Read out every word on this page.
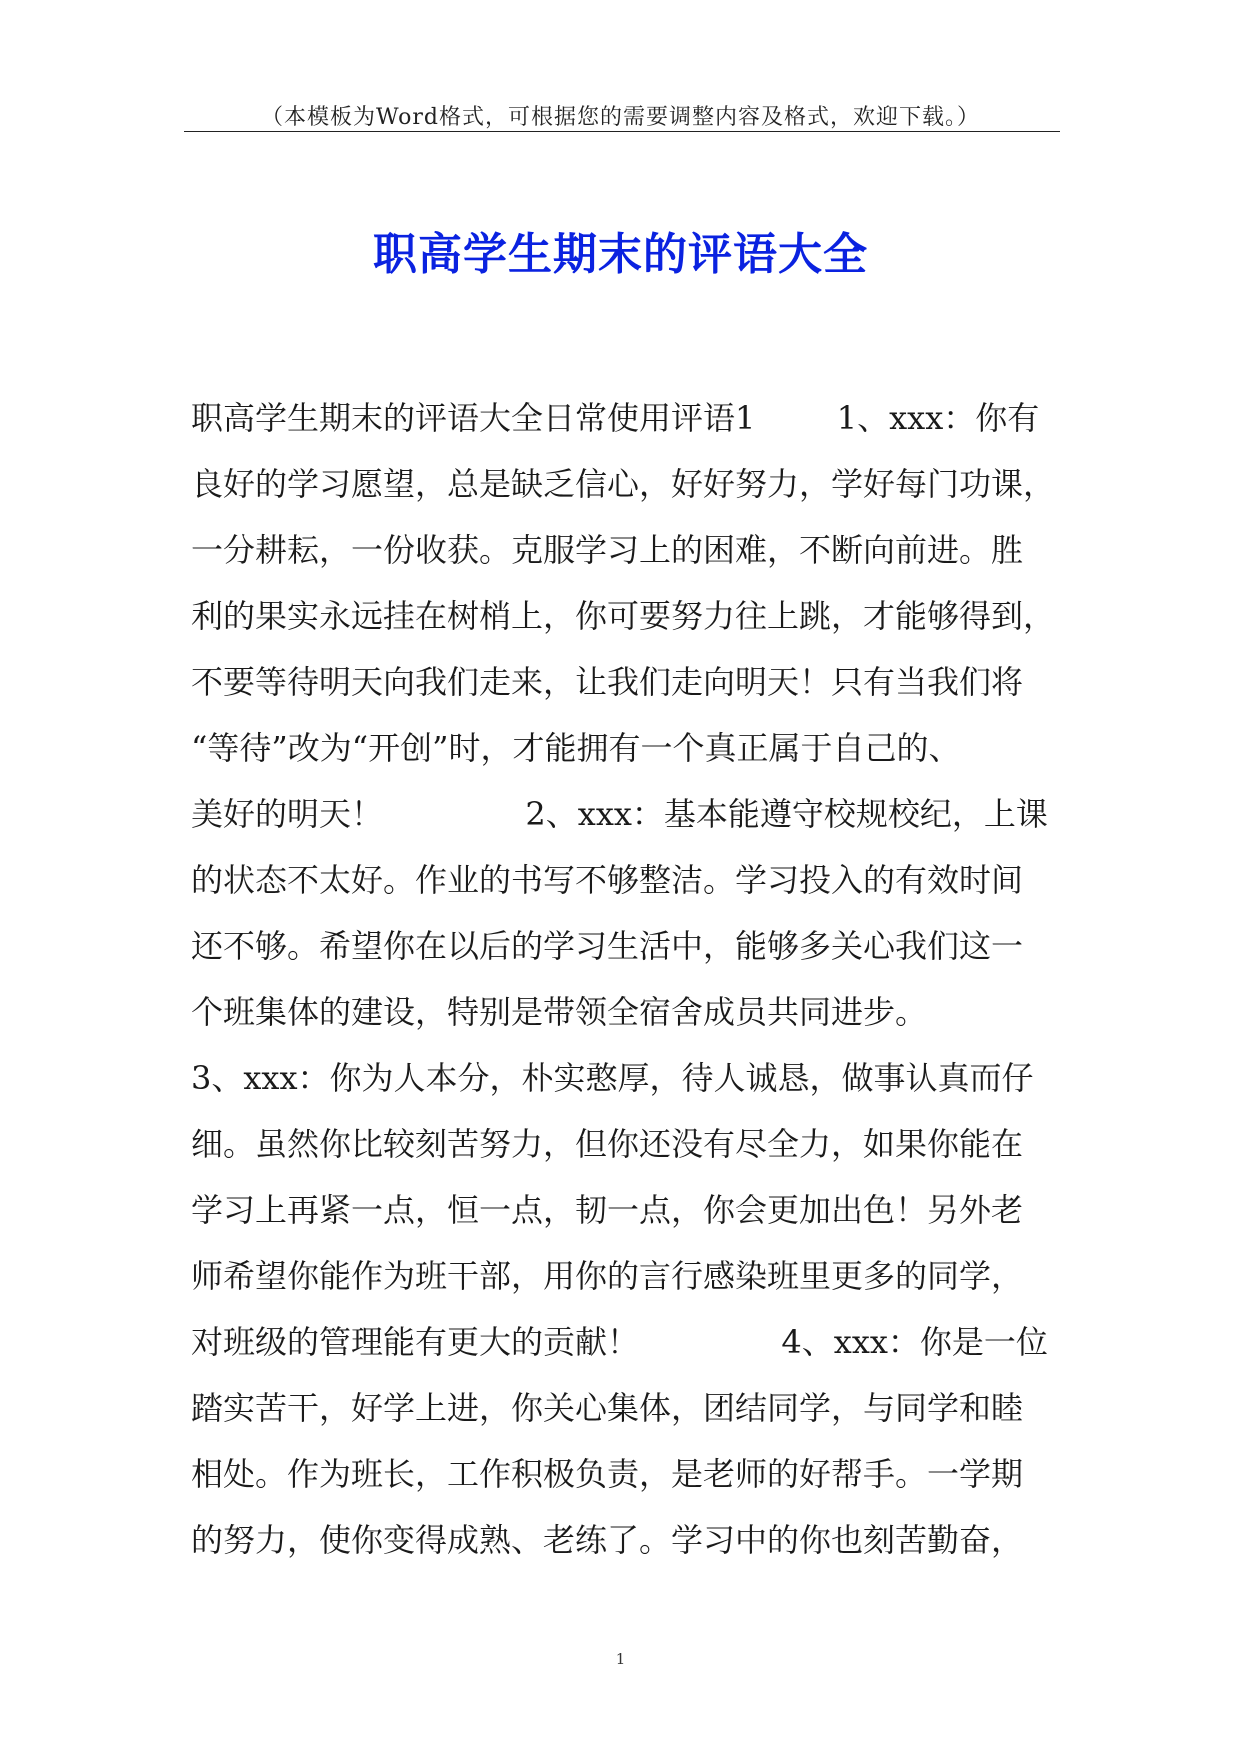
（本模板为Word格式，可根据您的需要调整内容及格式，欢迎下载。）
职高学生期末的评语大全
职高学生期末的评语大全日常使用评语1        1、xxx：你有
良好的学习愿望，总是缺乏信心，好好努力，学好每门功课，
一分耕耘，一份收获。克服学习上的困难，不断向前进。胜
利的果实永远挂在树梢上，你可要努力往上跳，才能够得到，
不要等待明天向我们走来，让我们走向明天！只有当我们将
“等待”改为“开创”时，才能拥有一个真正属于自己的、
美好的明天！              2、xxx：基本能遵守校规校纪，上课
的状态不太好。作业的书写不够整洁。学习投入的有效时间
还不够。希望你在以后的学习生活中，能够多关心我们这一
个班集体的建设，特别是带领全宿舍成员共同进步。
3、xxx：你为人本分，朴实憨厚，待人诚恳，做事认真而仔
细。虽然你比较刻苦努力，但你还没有尽全力，如果你能在
学习上再紧一点，恒一点，韧一点，你会更加出色！另外老
师希望你能作为班干部，用你的言行感染班里更多的同学，
对班级的管理能有更大的贡献！              4、xxx：你是一位
踏实苦干，好学上进，你关心集体，团结同学，与同学和睦
相处。作为班长，工作积极负责，是老师的好帮手。一学期
的努力，使你变得成熟、老练了。学习中的你也刻苦勤奋，
1
